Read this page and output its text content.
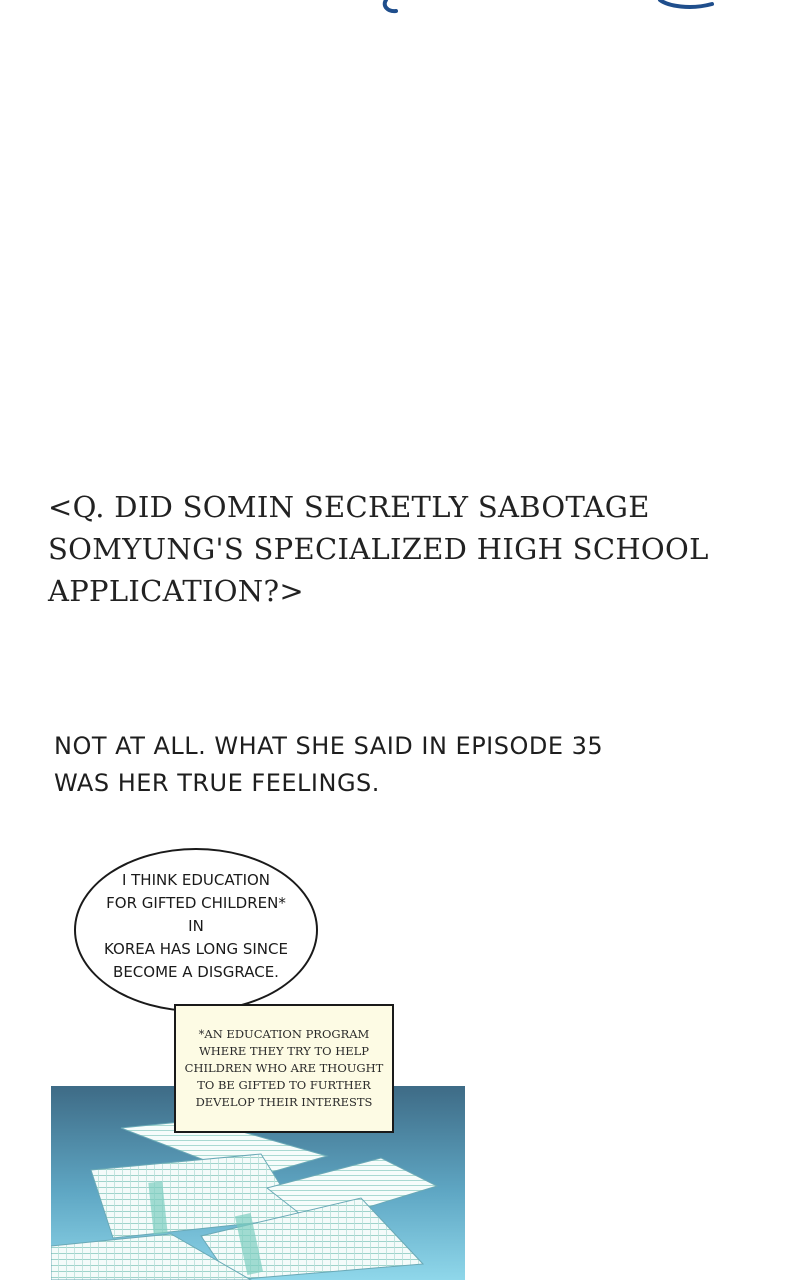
<Q. DID SOMIN SECRETLY SABOTAGE
SOMYUNG'S SPECIALIZED HIGH SCHOOL
APPLICATION?>
NOT AT ALL. WHAT SHE SAID IN EPISODE 35
WAS HER TRUE FEELINGS.
I THINK EDUCATION
FOR GIFTED CHILDREN* IN
KOREA HAS LONG SINCE
BECOME A DISGRACE.
*AN EDUCATION PROGRAM
WHERE THEY TRY TO HELP
CHILDREN WHO ARE THOUGHT
TO BE GIFTED TO FURTHER
DEVELOP THEIR INTERESTS
